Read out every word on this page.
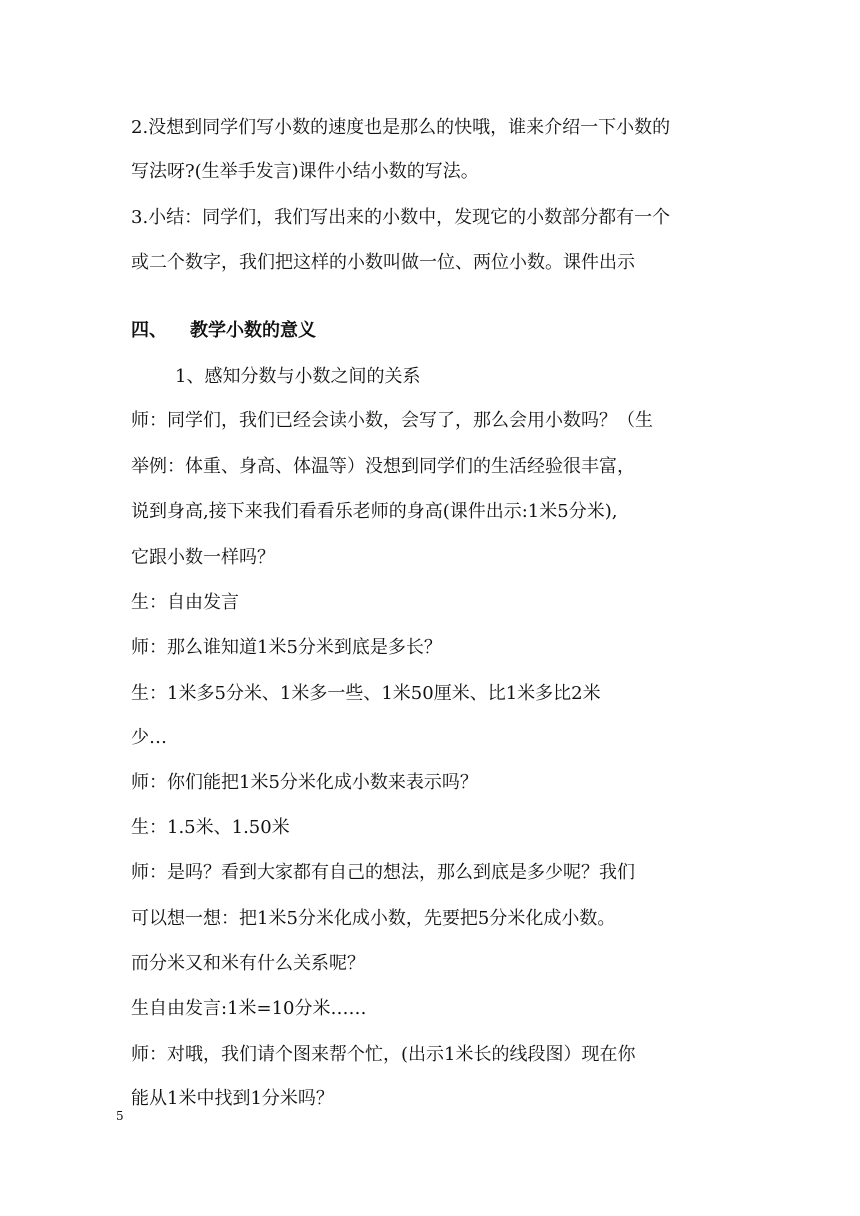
2.没想到同学们写小数的速度也是那么的快哦，谁来介绍一下小数的
写法呀?(生举手发言)课件小结小数的写法。
3.小结：同学们，我们写出来的小数中，发现它的小数部分都有一个
或二个数字，我们把这样的小数叫做一位、两位小数。课件出示
四、 教学小数的意义
1、感知分数与小数之间的关系
师：同学们，我们已经会读小数，会写了，那么会用小数吗？（生
举例：体重、身高、体温等）没想到同学们的生活经验很丰富，
说到身高,接下来我们看看乐老师的身高(课件出示:1米5分米),
它跟小数一样吗？
生：自由发言
师：那么谁知道1米5分米到底是多长？
生：1米多5分米、1米多一些、1米50厘米、比1米多比2米
少…
师：你们能把1米5分米化成小数来表示吗？
生：1.5米、1.50米
师：是吗？看到大家都有自己的想法，那么到底是多少呢？我们
可以想一想：把1米5分米化成小数，先要把5分米化成小数。
而分米又和米有什么关系呢？
生自由发言:1米=10分米……
师：对哦，我们请个图来帮个忙，(出示1米长的线段图）现在你
能从1米中找到1分米吗？
5
